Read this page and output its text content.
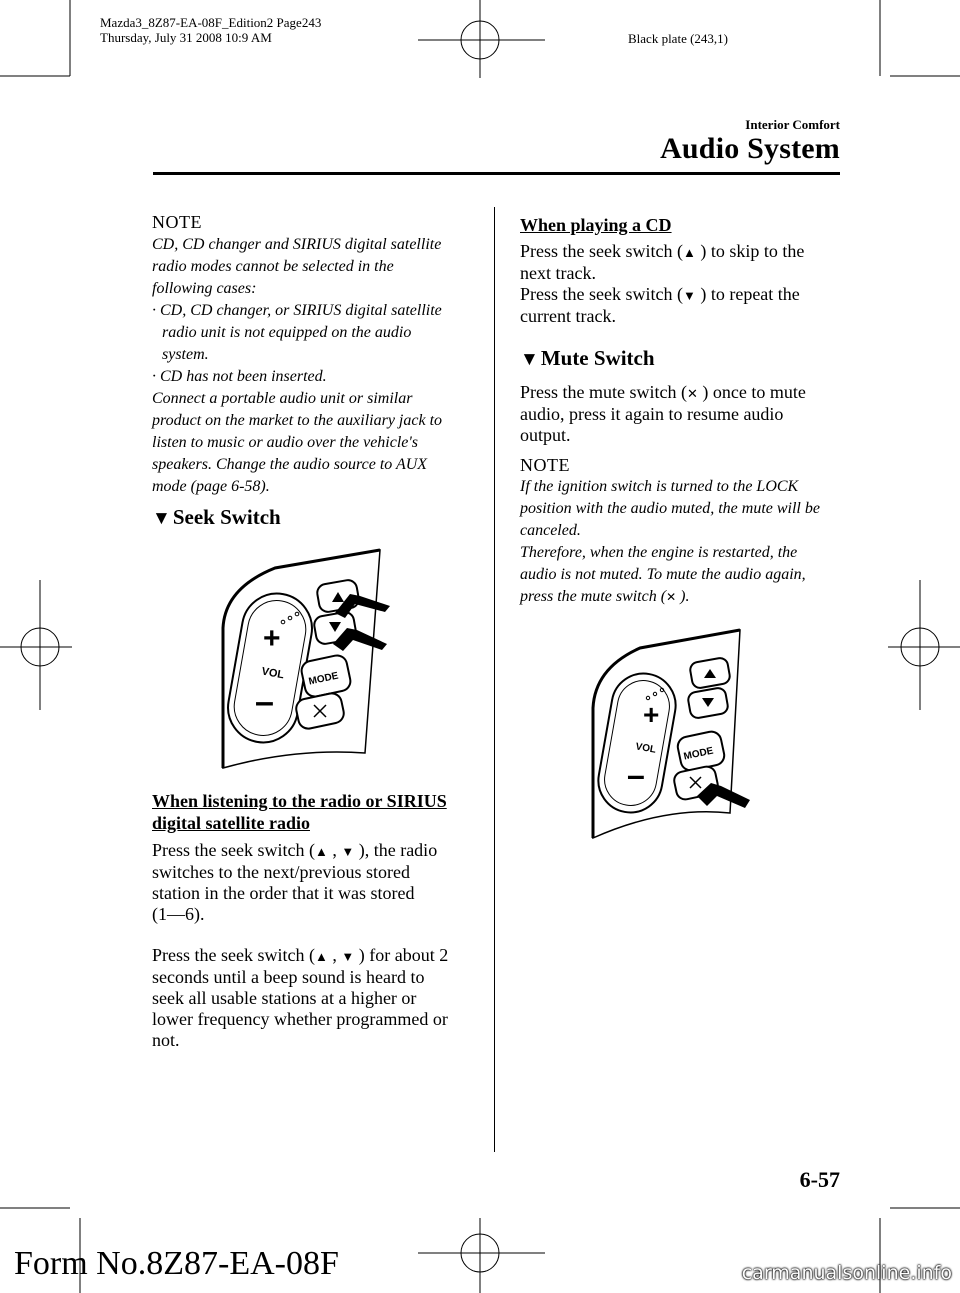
Mazda3_8Z87-EA-08F_Edition2 Page243
Thursday, July 31 2008 10:9 AM	Black plate (243,1)
Interior Comfort
Audio System
NOTE

CD, CD changer and SIRIUS digital satellite

radio modes cannot be selected in the

following cases:

· CD, CD changer, or SIRIUS digital satellite

radio unit is not equipped on the audio

system.

· CD has not been inserted.

Connect a portable audio unit or similar

product on the market to the auxiliary jack to

listen to music or audio over the vehicle's

speakers. Change the audio source to AUX

mode (page 6-58).

▼Seek Switch
+
VOL
–
MODE
When listening to the radio or SIRIUS
digital satellite radio

Press the seek switch (▲ , ▼ ), the radio

switches to the next/previous stored

station in the order that it was stored

(1―6).

Press the seek switch (▲ , ▼ ) for about 2

seconds until a beep sound is heard to

seek all usable stations at a higher or

lower frequency whether programmed or

not.

When playing a CD

Press the seek switch (▲ ) to skip to the

next track.

Press the seek switch (▼ ) to repeat the

current track.

▼Mute Switch

Press the mute switch (✕ ) once to mute

audio, press it again to resume audio

output.

NOTE

If the ignition switch is turned to the LOCK

position with the audio muted, the mute will be

canceled.

Therefore, when the engine is restarted, the

audio is not muted. To mute the audio again,

press the mute switch (✕ ).

+
VOL
–
MODE
6-57
Form No.8Z87-EA-08F	carmanualsonline.info
